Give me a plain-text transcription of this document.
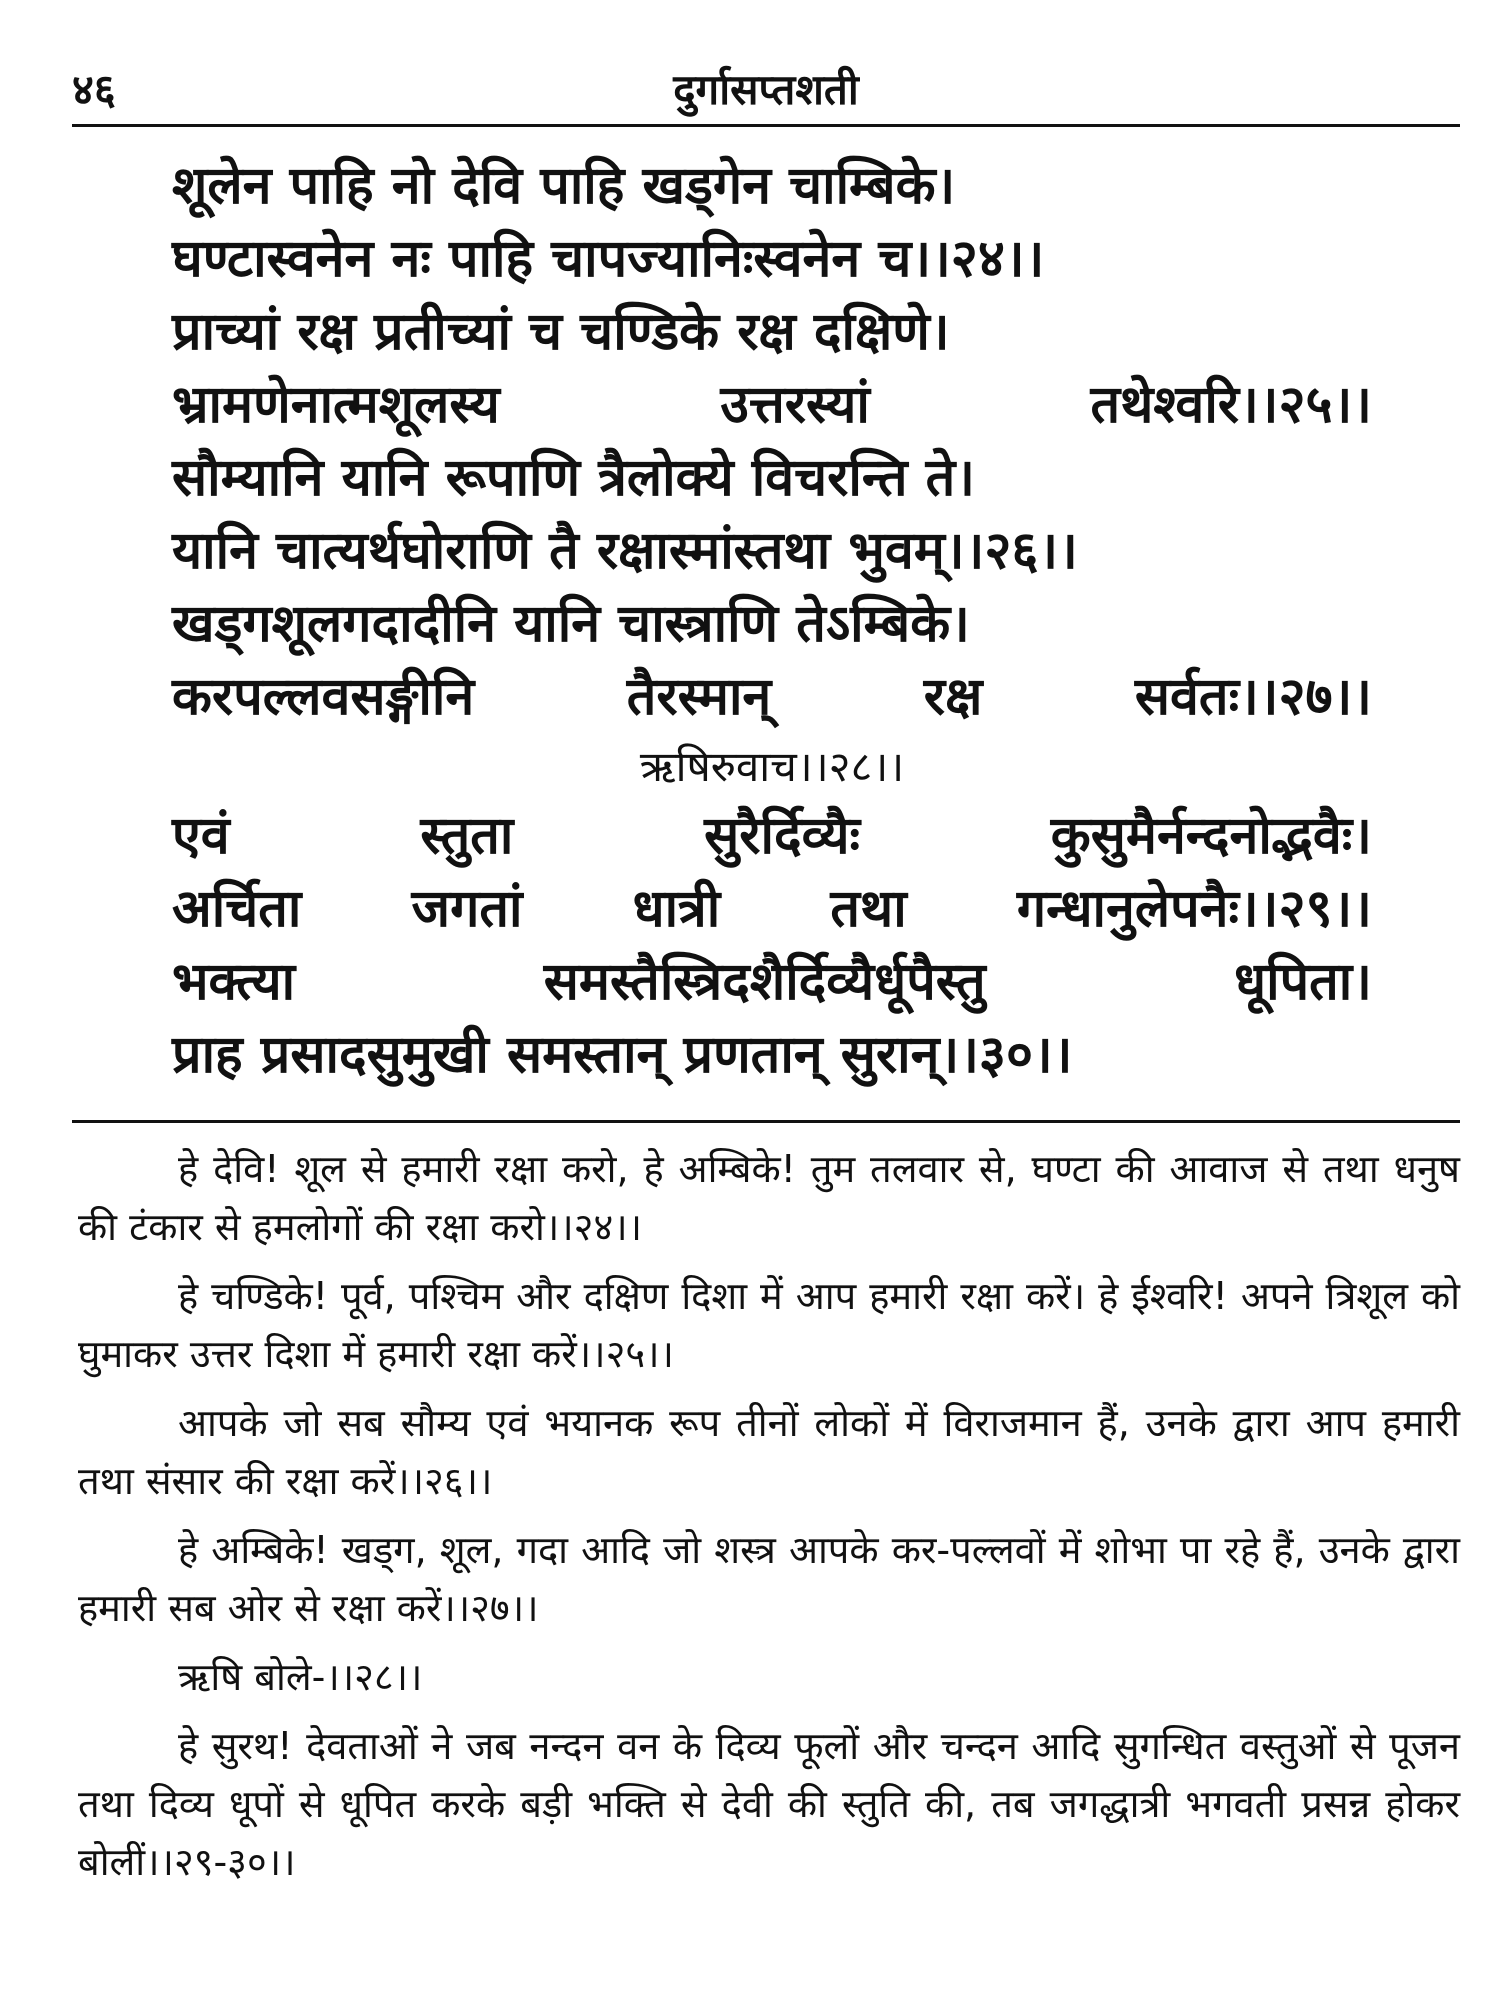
४६	दुर्गासप्तशती
शूलेन पाहि नो देवि पाहि खड्गेन चाम्बिके।
घण्टास्वनेन नः पाहि चापज्यानिःस्वनेन च।।२४।।
प्राच्यां रक्ष प्रतीच्यां च चण्डिके रक्ष दक्षिणे।
भ्रामणेनात्मशूलस्य	उत्तरस्यां	तथेश्वरि।।२५।।
सौम्यानि यानि रूपाणि त्रैलोक्ये विचरन्ति ते।
यानि चात्यर्थघोराणि तै रक्षास्मांस्तथा भुवम्।।२६।।
खड्गशूलगदादीनि यानि चास्त्राणि तेऽम्बिके।
करपल्लवसङ्गीनि	तैरस्मान्	रक्ष	सर्वतः।।२७।।
ऋषिरुवाच।।२८।।
एवं	स्तुता	सुरैर्दिव्यैः	कुसुमैर्नन्दनोद्भवैः।
अर्चिता जगतां धात्री तथा गन्धानुलेपनैः।।२९।।
भक्त्या	समस्तैस्त्रिदशैर्दिव्यैर्धूपैस्तु	धूपिता।
प्राह प्रसादसुमुखी समस्तान् प्रणतान् सुरान्।।३०।।

हे देवि! शूल से हमारी रक्षा करो, हे अम्बिके! तुम तलवार से, घण्टा की आवाज से तथा धनुष की टंकार से हमलोगों की रक्षा करो।।२४।।

हे चण्डिके! पूर्व, पश्चिम और दक्षिण दिशा में आप हमारी रक्षा करें। हे ईश्वरि! अपने त्रिशूल को घुमाकर उत्तर दिशा में हमारी रक्षा करें।।२५।।

आपके जो सब सौम्य एवं भयानक रूप तीनों लोकों में विराजमान हैं, उनके द्वारा आप हमारी तथा संसार की रक्षा करें।।२६।।

हे अम्बिके! खड्ग, शूल, गदा आदि जो शस्त्र आपके कर-पल्लवों में शोभा पा रहे हैं, उनके द्वारा हमारी सब ओर से रक्षा करें।।२७।।

ऋषि बोले-।।२८।।

हे सुरथ! देवताओं ने जब नन्दन वन के दिव्य फूलों और चन्दन आदि सुगन्धित वस्तुओं से पूजन तथा दिव्य धूपों से धूपित करके बड़ी भक्ति से देवी की स्तुति की, तब जगद्धात्री भगवती प्रसन्न होकर बोलीं।।२९-३०।।
